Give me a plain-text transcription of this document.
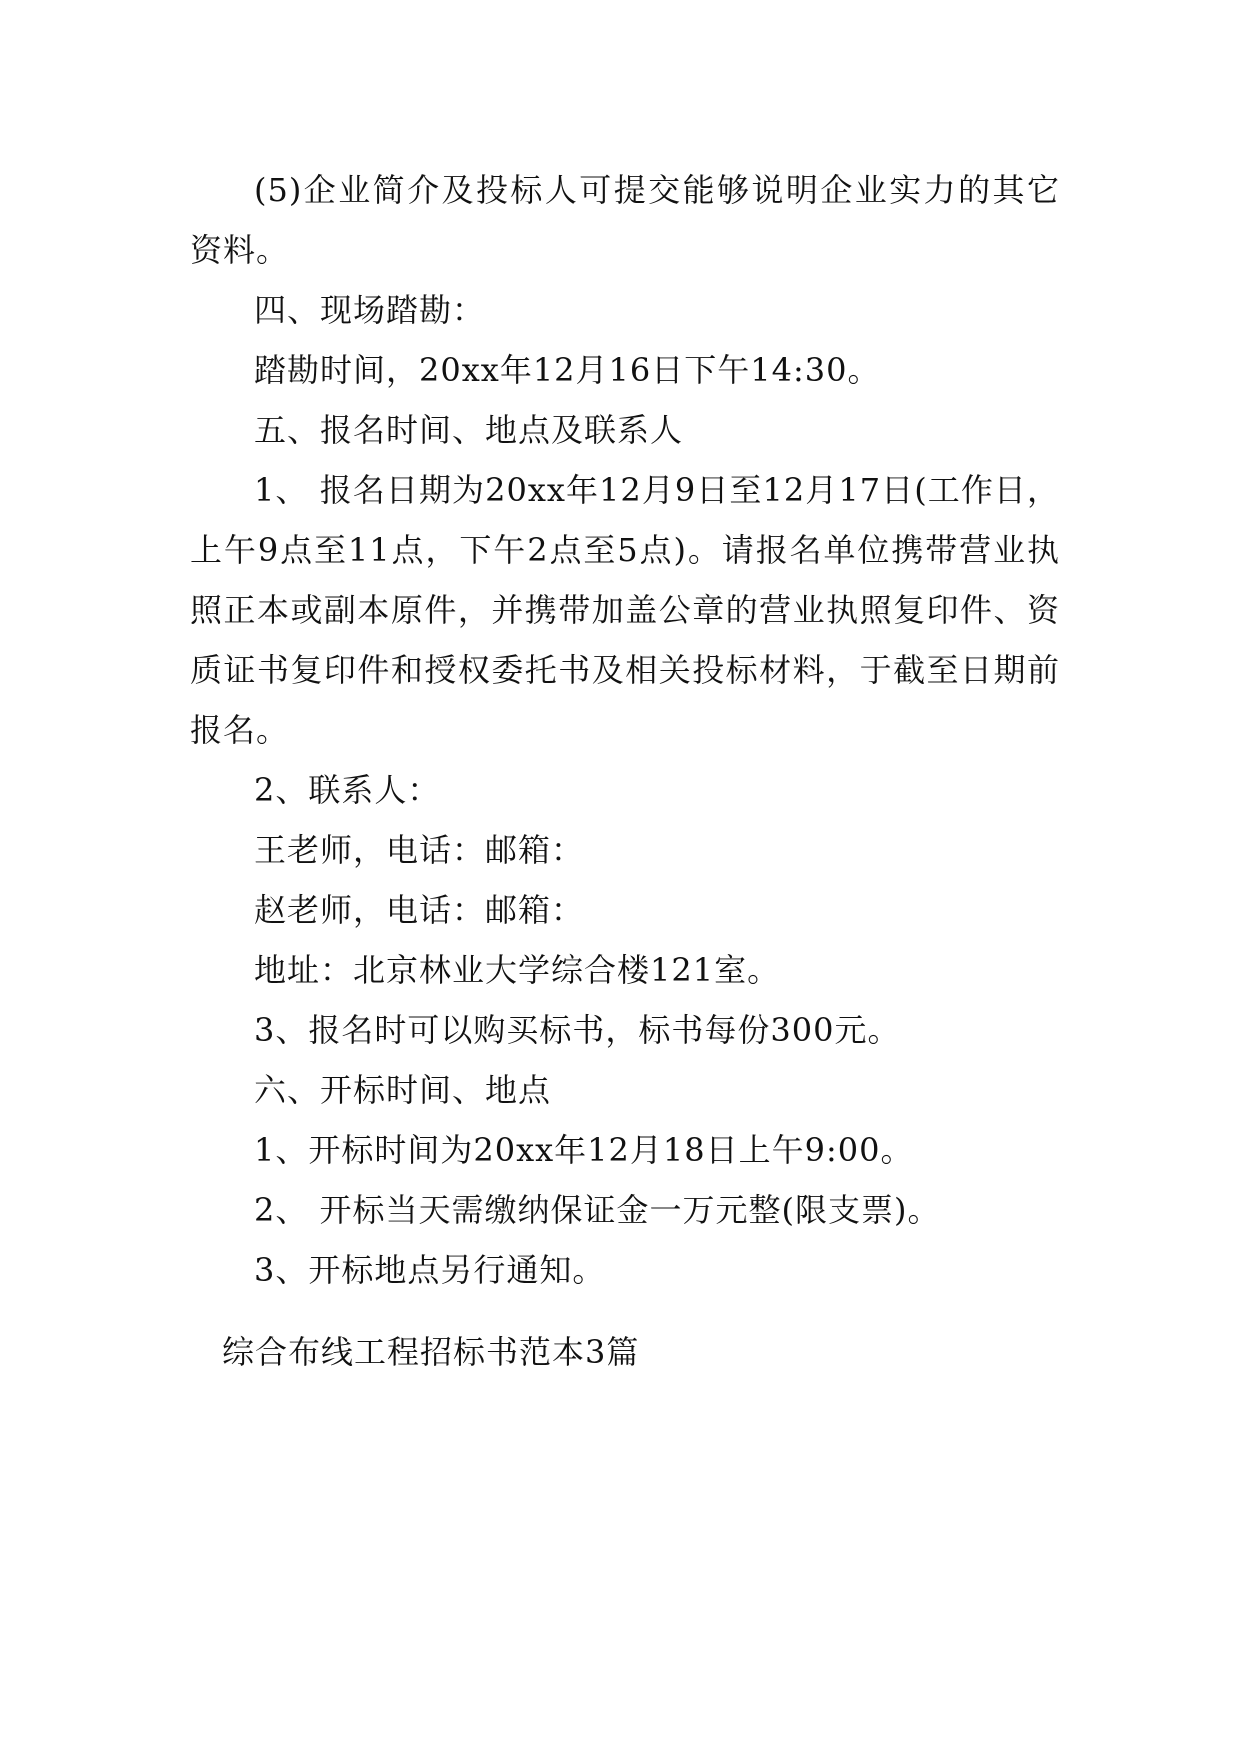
(5)企业简介及投标人可提交能够说明企业实力的其它资料。

四、现场踏勘：

踏勘时间，20xx年12月16日下午14:30。

五、报名时间、地点及联系人

1、 报名日期为20xx年12月9日至12月17日(工作日，上午9点至11点，下午2点至5点)。请报名单位携带营业执照正本或副本原件，并携带加盖公章的营业执照复印件、资质证书复印件和授权委托书及相关投标材料，于截至日期前报名。

2、联系人：

王老师，电话：邮箱：

赵老师，电话：邮箱：

地址：北京林业大学综合楼121室。

3、报名时可以购买标书，标书每份300元。

六、开标时间、地点

1、开标时间为20xx年12月18日上午9:00。

2、 开标当天需缴纳保证金一万元整(限支票)。

3、开标地点另行通知。

综合布线工程招标书范本3篇
